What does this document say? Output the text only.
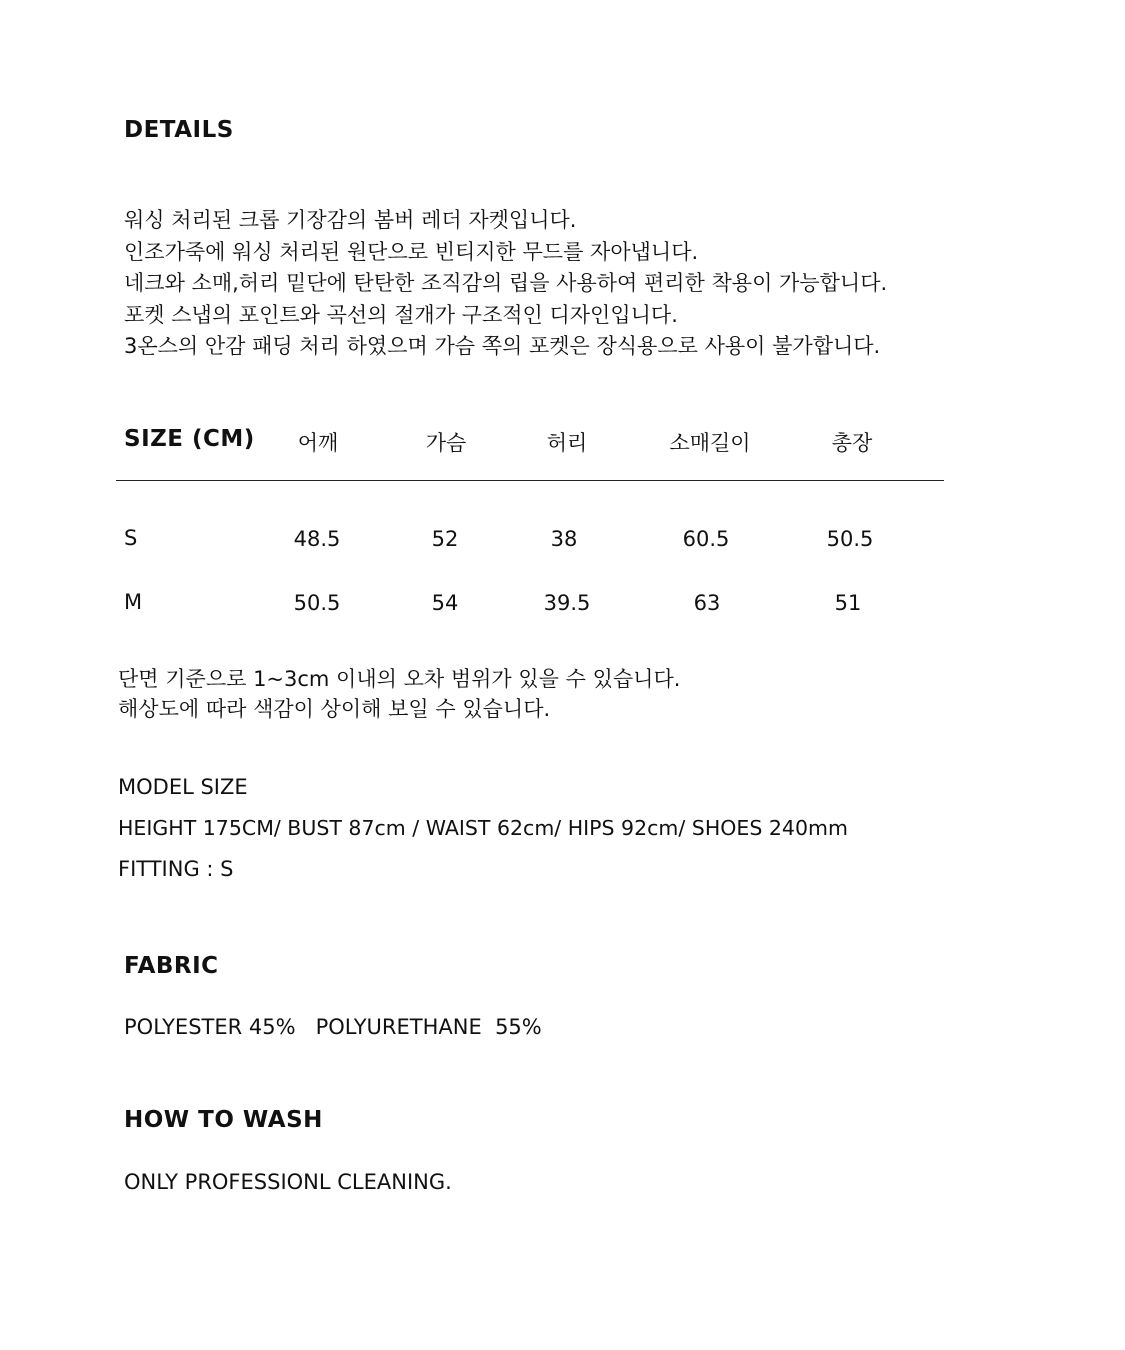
DETAILS
워싱 처리된 크롭 기장감의 봄버 레더 자켓입니다.
인조가죽에 워싱 처리된 원단으로 빈티지한 무드를 자아냅니다.
네크와 소매,허리 밑단에 탄탄한 조직감의 립을 사용하여 편리한 착용이 가능합니다.
포켓 스냅의 포인트와 곡선의 절개가 구조적인 디자인입니다.
3온스의 안감 패딩 처리 하였으며 가슴 쪽의 포켓은 장식용으로 사용이 불가합니다.
SIZE (CM) 어깨	가슴	허리	소매길이	총장
S	48.5	52	38	60.5	50.5
M	50.5	54	39.5	63	51
단면 기준으로 1~3cm 이내의 오차 범위가 있을 수 있습니다.
해상도에 따라 색감이 상이해 보일 수 있습니다.
MODEL SIZE
HEIGHT 175CM/ BUST 87cm / WAIST 62cm/ HIPS 92cm/ SHOES 240mm
FITTING : S
FABRIC
POLYESTER 45%   POLYURETHANE  55%
HOW TO WASH
ONLY PROFESSIONL CLEANING.
